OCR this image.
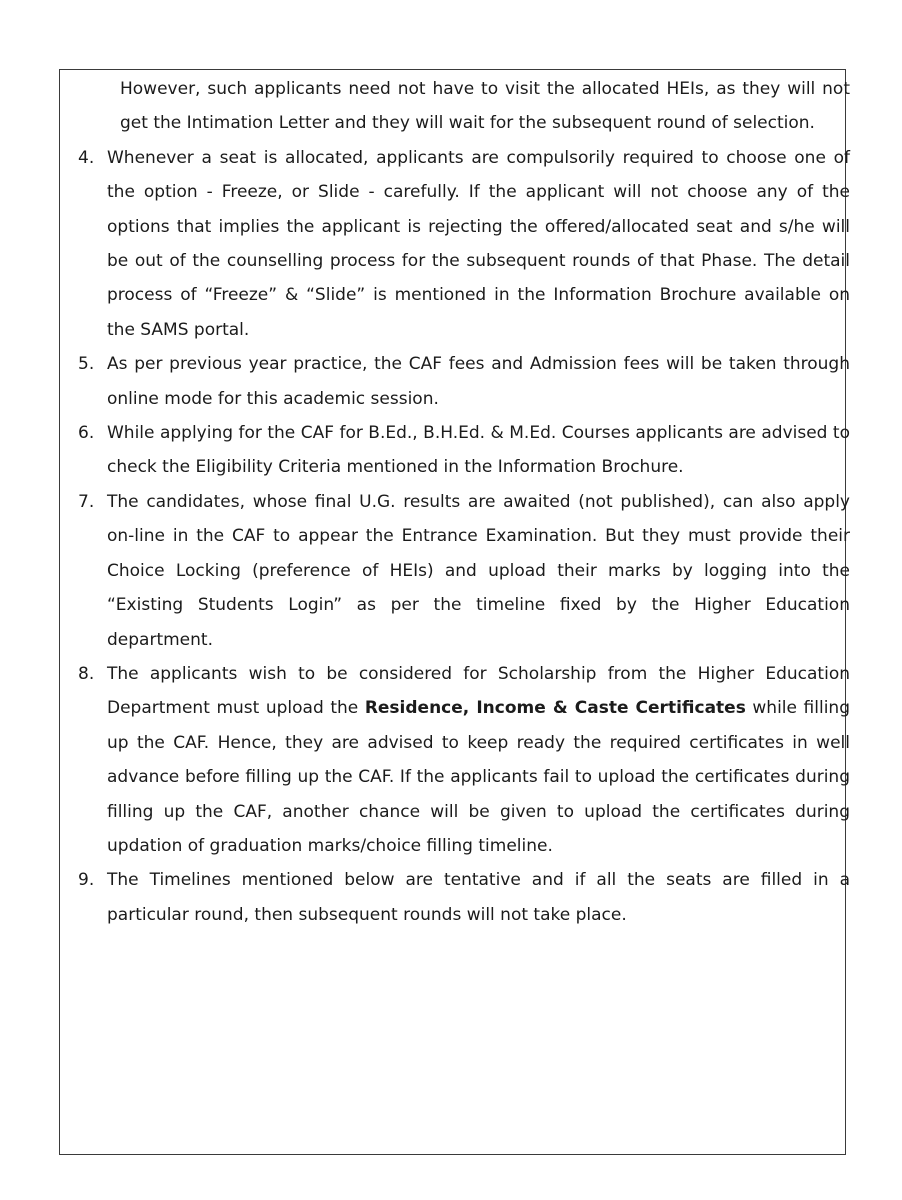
However, such applicants need not have to visit the allocated HEIs, as they will not get the Intimation Letter and they will wait for the subsequent round of selection.

4. Whenever a seat is allocated, applicants are compulsorily required to choose one of the option - Freeze, or Slide - carefully. If the applicant will not choose any of the options that implies the applicant is rejecting the offered/allocated seat and s/he will be out of the counselling process for the subsequent rounds of that Phase. The detail process of “Freeze” & “Slide” is mentioned in the Information Brochure available on the SAMS portal.
5. As per previous year practice, the CAF fees and Admission fees will be taken through online mode for this academic session.
6. While applying for the CAF for B.Ed., B.H.Ed. & M.Ed. Courses applicants are advised to check the Eligibility Criteria mentioned in the Information Brochure.
7. The candidates, whose final U.G. results are awaited (not published), can also apply on-line in the CAF to appear the Entrance Examination. But they must provide their Choice Locking (preference of HEIs) and upload their marks by logging into the “Existing Students Login” as per the timeline fixed by the Higher Education department.
8. The applicants wish to be considered for Scholarship from the Higher Education Department must upload the Residence, Income & Caste Certificates while filling up the CAF. Hence, they are advised to keep ready the required certificates in well advance before filling up the CAF. If the applicants fail to upload the certificates during filling up the CAF, another chance will be given to upload the certificates during updation of graduation marks/choice filling timeline.
9. The Timelines mentioned below are tentative and if all the seats are filled in a particular round, then subsequent rounds will not take place.
